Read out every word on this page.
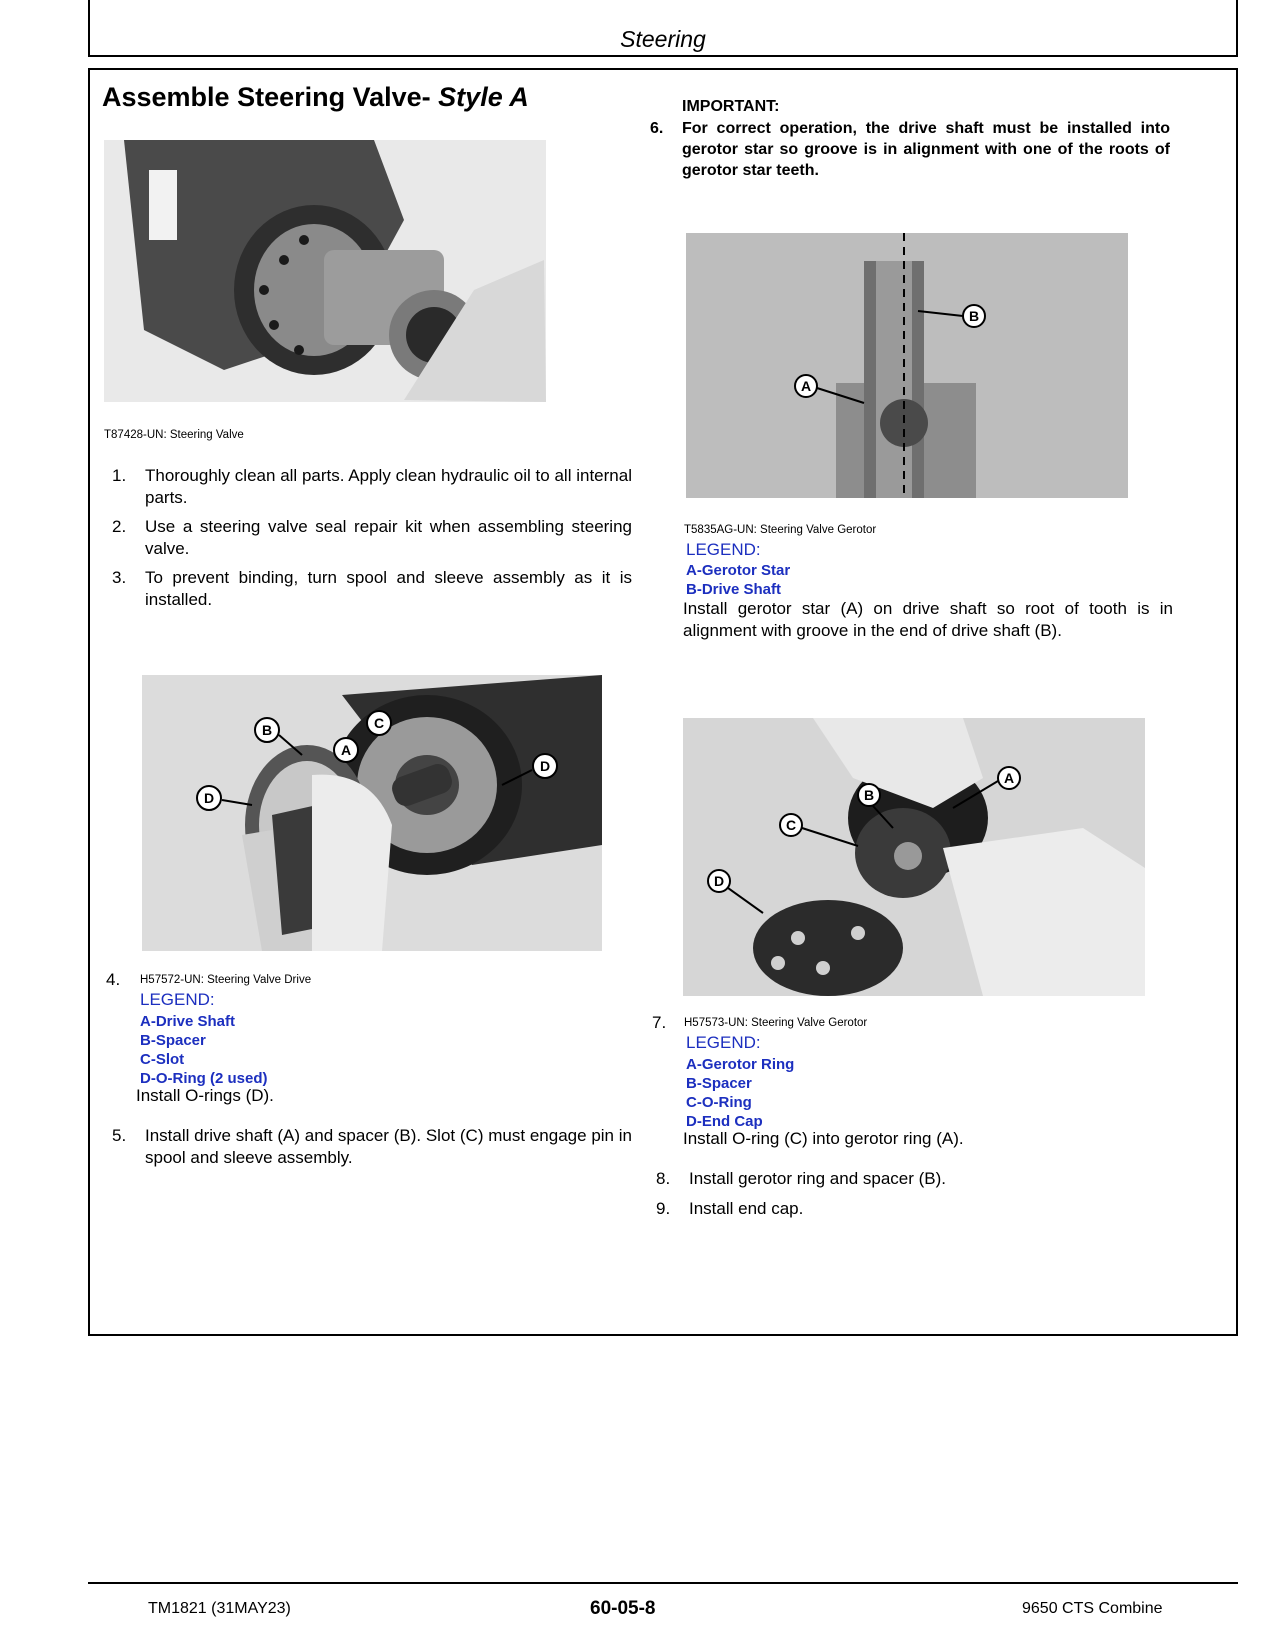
Steering
Assemble Steering Valve- Style A
T87428-UN: Steering Valve
1.	Thoroughly clean all parts. Apply clean hydraulic oil to all internal parts.
2.	Use a steering valve seal repair kit when assembling steering valve.
3.	To prevent binding, turn spool and sleeve assembly as it is installed.
B	C
A
D
D
4.	H57572-UN: Steering Valve Drive
LEGEND:
A-Drive Shaft
B-Spacer
C-Slot
D-O-Ring (2 used)
Install O-rings (D).
5.	Install drive shaft (A) and spacer (B). Slot (C) must engage pin in spool and sleeve assembly.
IMPORTANT:
6. For correct operation, the drive shaft must be installed into gerotor star so groove is in alignment with one of the roots of gerotor star teeth.
B
A
T5835AG-UN: Steering Valve Gerotor
LEGEND:
A-Gerotor Star
B-Drive Shaft
Install gerotor star (A) on drive shaft so root of tooth is in alignment with groove in the end of drive shaft (B).
A
B
C
D
7.	H57573-UN: Steering Valve Gerotor
LEGEND:
A-Gerotor Ring
B-Spacer
C-O-Ring
D-End Cap
Install O-ring (C) into gerotor ring (A).
8.	Install gerotor ring and spacer (B).
9.	Install end cap.
TM1821 (31MAY23)	60-05-8	9650 CTS Combine
